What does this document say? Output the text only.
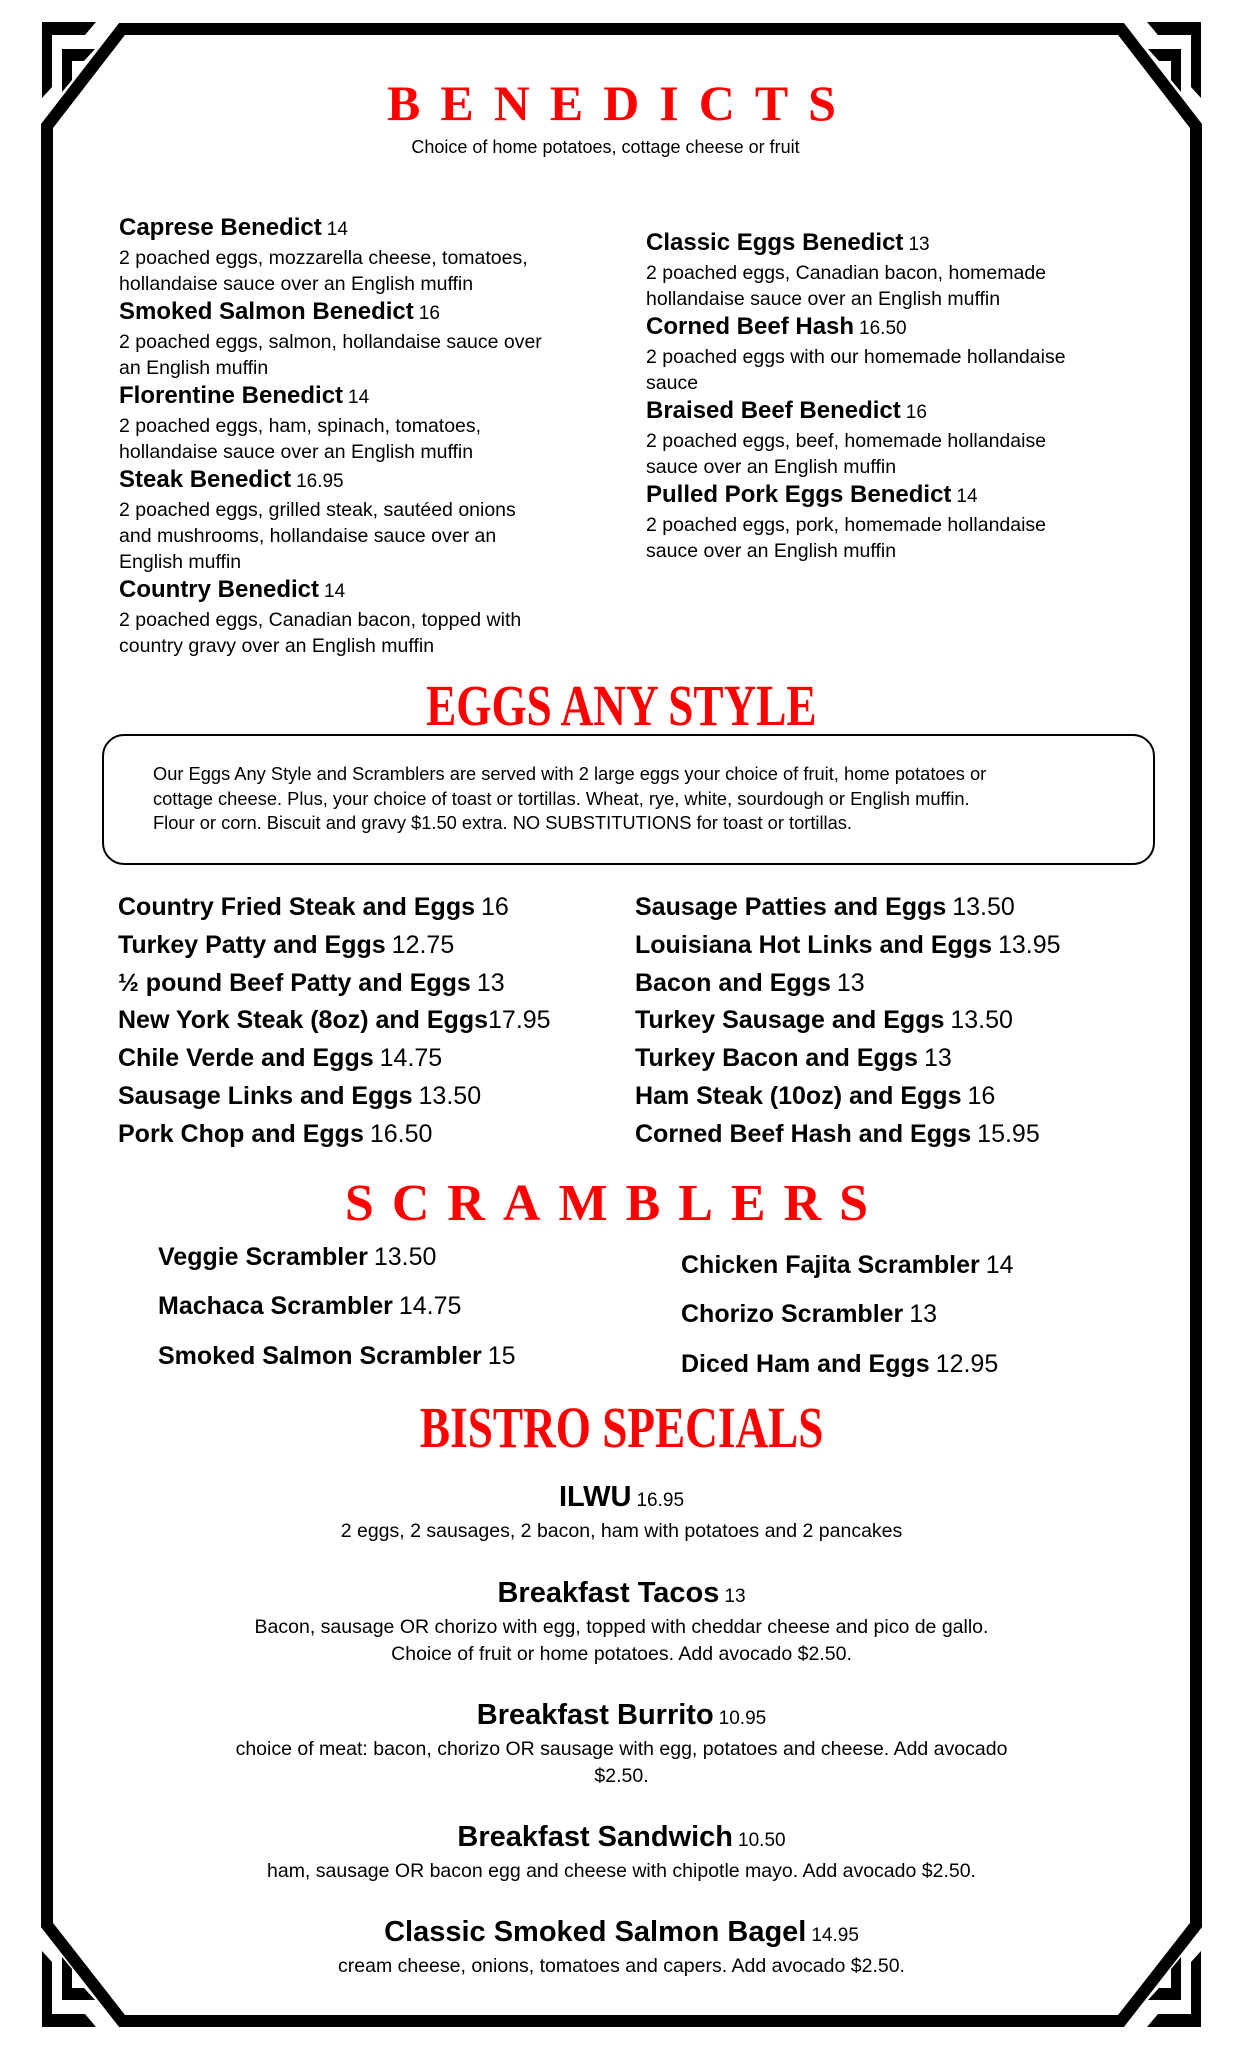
BENEDICTS
Choice of home potatoes, cottage cheese or fruit
Caprese Benedict 14
2 poached eggs, mozzarella cheese, tomatoes,
hollandaise sauce over an English muffin
Smoked Salmon Benedict 16
2 poached eggs, salmon, hollandaise sauce over
an English muffin
Florentine Benedict 14
2 poached eggs, ham, spinach, tomatoes,
hollandaise sauce over an English muffin
Steak Benedict 16.95
2 poached eggs, grilled steak, sautéed onions
and mushrooms, hollandaise sauce over an
English muffin
Country Benedict 14
2 poached eggs, Canadian bacon, topped with
country gravy over an English muffin
Classic Eggs Benedict 13
2 poached eggs, Canadian bacon, homemade
hollandaise sauce over an English muffin
Corned Beef Hash 16.50
2 poached eggs with our homemade hollandaise
sauce
Braised Beef Benedict 16
2 poached eggs, beef, homemade hollandaise
sauce over an English muffin
Pulled Pork Eggs Benedict 14
2 poached eggs, pork, homemade hollandaise
sauce over an English muffin
EGGS ANY STYLE
Our Eggs Any Style and Scramblers are served with 2 large eggs your choice of fruit, home potatoes or
cottage cheese. Plus, your choice of toast or tortillas. Wheat, rye, white, sourdough or English muffin.
Flour or corn. Biscuit and gravy $1.50 extra. NO SUBSTITUTIONS for toast or tortillas.
Country Fried Steak and Eggs 16
Turkey Patty and Eggs 12.75
½ pound Beef Patty and Eggs 13
New York Steak (8oz) and Eggs17.95
Chile Verde and Eggs 14.75
Sausage Links and Eggs 13.50
Pork Chop and Eggs 16.50
Sausage Patties and Eggs 13.50
Louisiana Hot Links and Eggs 13.95
Bacon and Eggs 13
Turkey Sausage and Eggs 13.50
Turkey Bacon and Eggs 13
Ham Steak (10oz) and Eggs 16
Corned Beef Hash and Eggs 15.95
SCRAMBLERS
Veggie Scrambler 13.50
Machaca Scrambler 14.75
Smoked Salmon Scrambler 15
Chicken Fajita Scrambler 14
Chorizo Scrambler 13
Diced Ham and Eggs 12.95
BISTRO SPECIALS
ILWU 16.95
2 eggs, 2 sausages, 2 bacon, ham with potatoes and 2 pancakes
Breakfast Tacos 13
Bacon, sausage OR chorizo with egg, topped with cheddar cheese and pico de gallo.
Choice of fruit or home potatoes. Add avocado $2.50.
Breakfast Burrito 10.95
choice of meat: bacon, chorizo OR sausage with egg, potatoes and cheese. Add avocado
$2.50.
Breakfast Sandwich 10.50
ham, sausage OR bacon egg and cheese with chipotle mayo. Add avocado $2.50.
Classic Smoked Salmon Bagel 14.95
cream cheese, onions, tomatoes and capers. Add avocado $2.50.
